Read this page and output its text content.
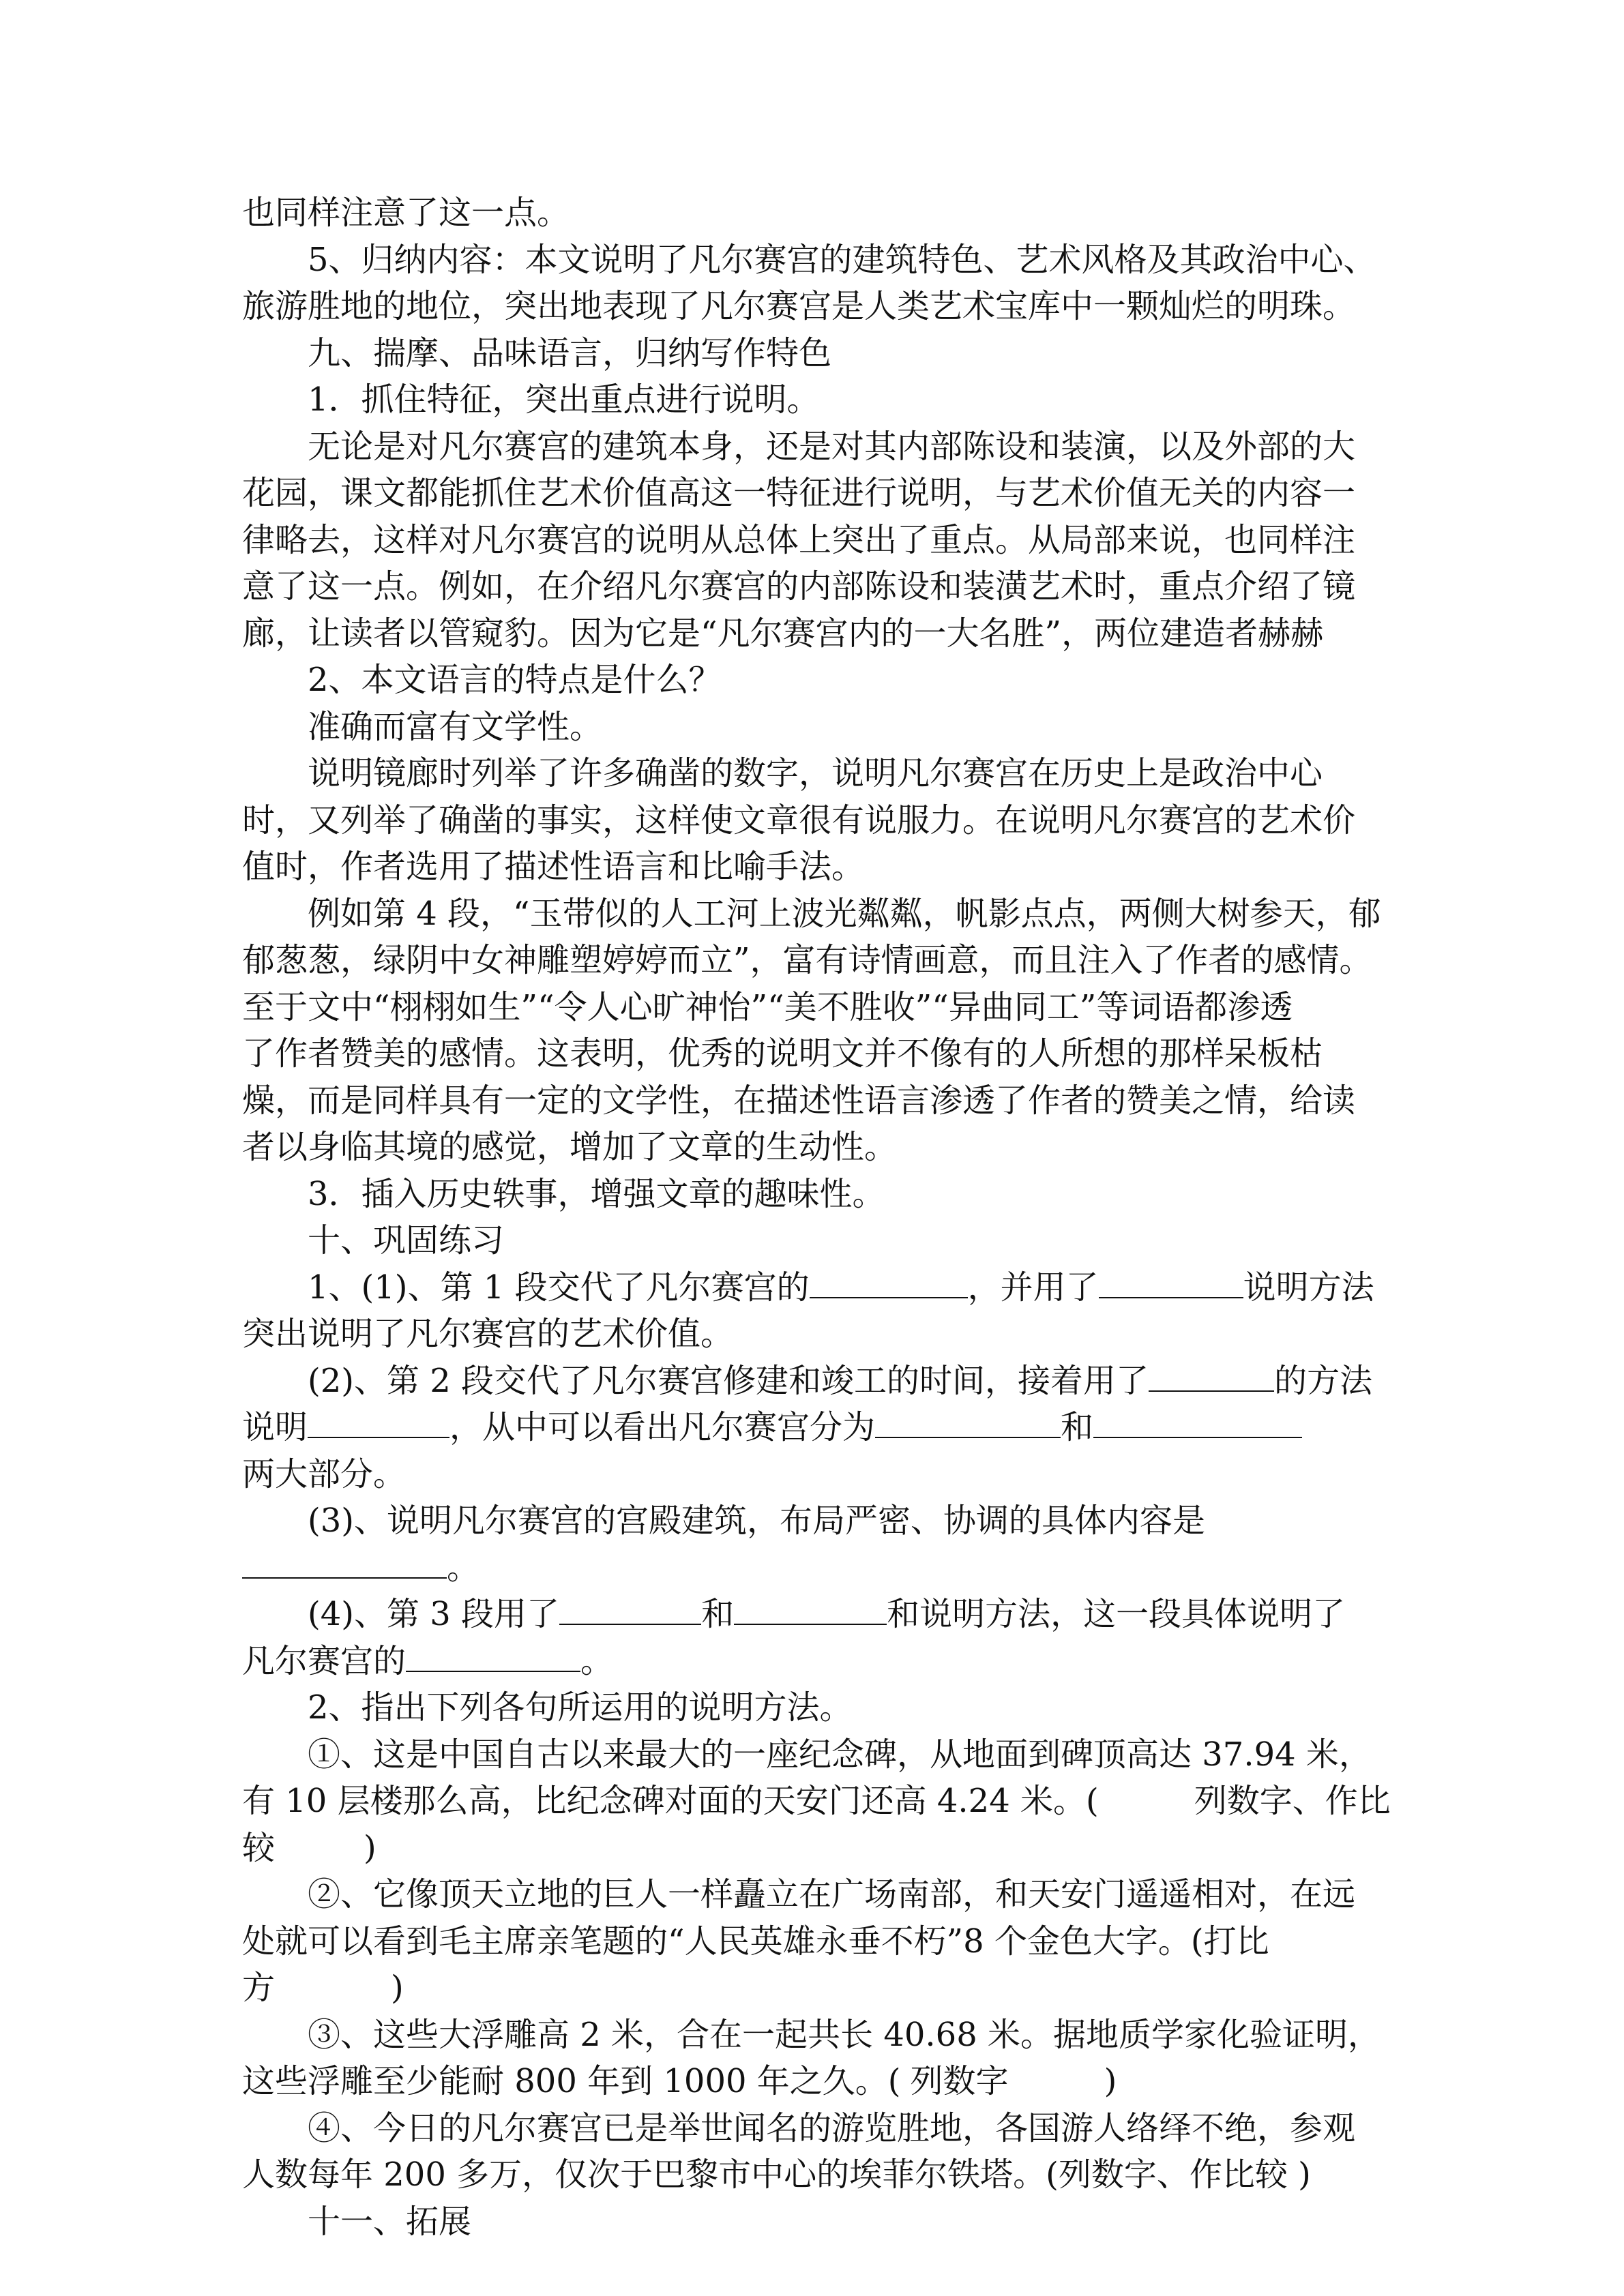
也同样注意了这一点。
5、归纳内容：本文说明了凡尔赛宫的建筑特色、艺术风格及其政治中心、
旅游胜地的地位，突出地表现了凡尔赛宫是人类艺术宝库中一颗灿烂的明珠。
九、揣摩、品味语言，归纳写作特色
1．抓住特征，突出重点进行说明。
无论是对凡尔赛宫的建筑本身，还是对其内部陈设和装演，以及外部的大
花园，课文都能抓住艺术价值高这一特征进行说明，与艺术价值无关的内容一
律略去，这样对凡尔赛宫的说明从总体上突出了重点。从局部来说，也同样注
意了这一点。例如，在介绍凡尔赛宫的内部陈设和装潢艺术时，重点介绍了镜
廊，让读者以管窥豹。因为它是“凡尔赛宫内的一大名胜”，两位建造者赫赫
2、本文语言的特点是什么？
准确而富有文学性。
说明镜廊时列举了许多确凿的数字，说明凡尔赛宫在历史上是政治中心
时，又列举了确凿的事实，这样使文章很有说服力。在说明凡尔赛宫的艺术价
值时，作者选用了描述性语言和比喻手法。
例如第 4 段，“玉带似的人工河上波光粼粼，帆影点点，两侧大树参天，郁
郁葱葱，绿阴中女神雕塑婷婷而立”，富有诗情画意，而且注入了作者的感情。
至于文中“栩栩如生”“令人心旷神怡”“美不胜收”“异曲同工”等词语都渗透
了作者赞美的感情。这表明，优秀的说明文并不像有的人所想的那样呆板枯
燥，而是同样具有一定的文学性，在描述性语言渗透了作者的赞美之情，给读
者以身临其境的感觉，增加了文章的生动性。
3．插入历史轶事，增强文章的趣味性。
十、巩固练习
1、(1)、第 1 段交代了凡尔赛宫的	，并用了	说明方法
突出说明了凡尔赛宫的艺术价值。
(2)、第 2 段交代了凡尔赛宫修建和竣工的时间，接着用了	的方法
说明	，从中可以看出凡尔赛宫分为	和
两大部分。
(3)、说明凡尔赛宫的宫殿建筑，布局严密、协调的具体内容是
。
(4)、第 3 段用了	和	和说明方法，这一段具体说明了
凡尔赛宫的	。
2、指出下列各句所运用的说明方法。
①、这是中国自古以来最大的一座纪念碑，从地面到碑顶高达 37.94 米，
有 10 层楼那么高，比纪念碑对面的天安门还高 4.24 米。(	列数字、作比
较	)
②、它像顶天立地的巨人一样矗立在广场南部，和天安门遥遥相对，在远
处就可以看到毛主席亲笔题的“人民英雄永垂不朽”8 个金色大字。(打比
方	)
③、这些大浮雕高 2 米，合在一起共长 40.68 米。据地质学家化验证明，
这些浮雕至少能耐 800 年到 1000 年之久。( 列数字	)
④、今日的凡尔赛宫已是举世闻名的游览胜地，各国游人络绎不绝，参观
人数每年 200 多万，仅次于巴黎市中心的埃菲尔铁塔。(列数字、作比较 )
十一、拓展
